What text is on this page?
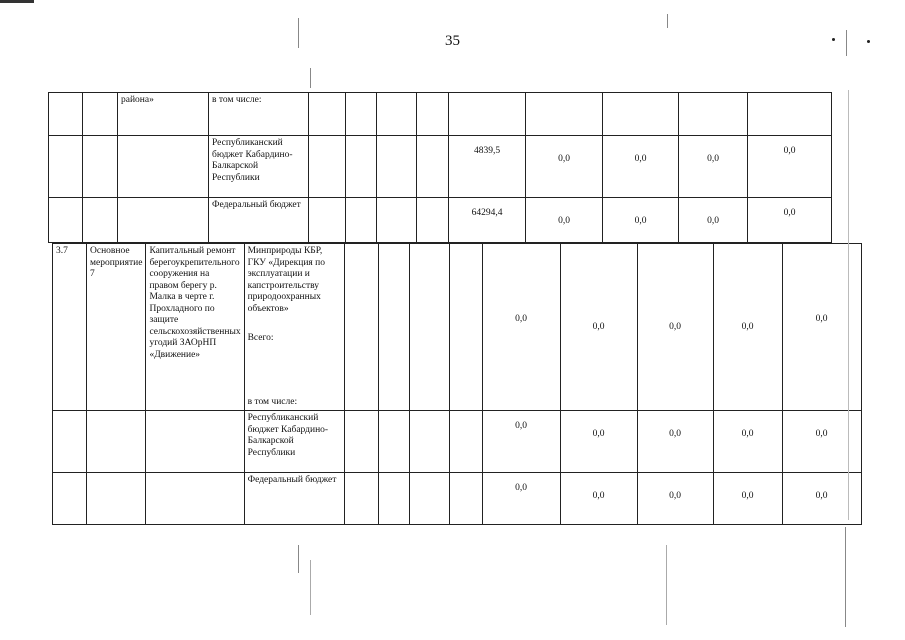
35
		района»	в том числе:									
			Республиканский бюджет Кабардино-Балкарской Республики					4839,5	0,0	0,0	0,0	0,0
			Федеральный бюджет					64294,4	0,0	0,0	0,0	0,0
3.7	Основное мероприятие 7	Капитальный ремонт берегоукрепительного сооружения на правом берегу р. Малка в черте г. Прохладного по защите сельскохозяйственных угодий ЗАОрНП «Движение»	Минприроды КБР, ГКУ «Дирекция по эксплуатации и капстроительству природоохранных объектов»
Всего:
в том числе:					0,0	0,0	0,0	0,0	0,0
			Республиканский бюджет Кабардино-Балкарской Республики					0,0	0,0	0,0	0,0	0,0
			Федеральный бюджет					0,0	0,0	0,0	0,0	0,0
